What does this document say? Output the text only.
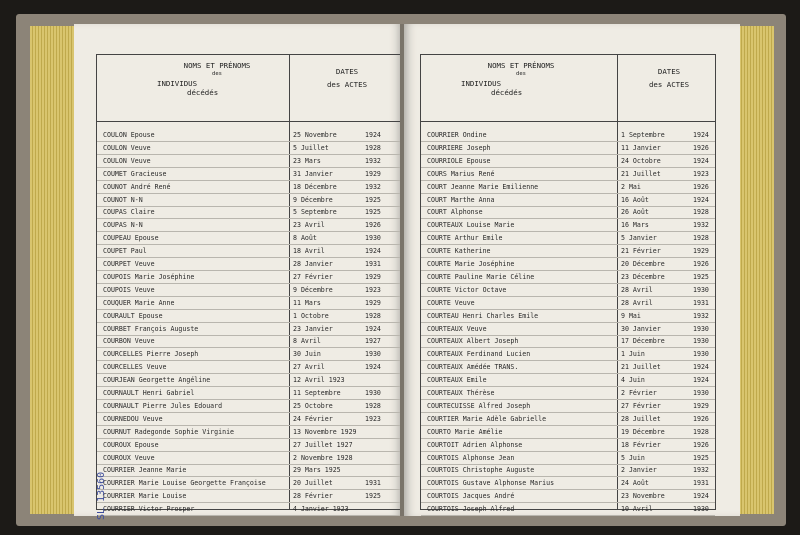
NOMS ET PRÉNOMS
des
INDIVIDUS
décédés
DATES
des ACTES
COULON Epouse	25 Novembre	1924
COULON Veuve	5 Juillet	1928
COULON Veuve	23 Mars	1932
COUMET Gracieuse	31 Janvier	1929
COUNOT André René	18 Décembre	1932
COUNOT N-N	9 Décembre	1925
COUPAS Claire	5 Septembre	1925
COUPAS N-N	23 Avril	1926
COUPEAU Epouse	8 Août	1930
COUPET Paul	18 Avril	1924
COURPET Veuve	28 Janvier	1931
COUPOIS Marie Joséphine	27 Février	1929
COUPOIS Veuve	9 Décembre	1923
COUQUER Marie Anne	11 Mars	1929
COURAULT Epouse	1 Octobre	1928
COURBET François Auguste	23 Janvier	1924
COURBON Veuve	8 Avril	1927
COURCELLES Pierre Joseph	30 Juin	1930
COURCELLES Veuve	27 Avril	1924
COURJEAN Georgette Angéline	12 Avril 1923
COURNAULT Henri Gabriel	11 Septembre	1930
COURNAULT Pierre Jules Edouard	25 Octobre	1928
COURNEDOU Veuve	24 Février	1923
COURNUT Radegonde Sophie Virginie	13 Novembre 1929
COUROUX Epouse	27 Juillet 1927
COUROUX Veuve	2 Novembre 1928
COURRIER Jeanne Marie	29 Mars 1925
COURRIER Marie Louise Georgette Françoise	20 Juillet	1931
COURRIER Marie Louise	28 Février	1925
COURRIER Victor Prosper	4 Janvier 1923
NOMS ET PRÉNOMS
des
INDIVIDUS
décédés
DATES
des ACTES
COURRIER Ondine	1 Septembre	1924
COURRIERE Joseph	11 Janvier	1926
COURRIOLE Epouse	24 Octobre	1924
COURS Marius René	21 Juillet	1923
COURT Jeanne Marie Emilienne	2 Mai	1926
COURT Marthe Anna	16 Août	1924
COURT Alphonse	26 Août	1928
COURTEAUX Louise Marie	16 Mars	1932
COURTE Arthur Emile	5 Janvier	1928
COURTE Katherine	21 Février	1929
COURTE Marie Joséphine	20 Décembre	1926
COURTE Pauline Marie Céline	23 Décembre	1925
COURTE Victor Octave	28 Avril	1930
COURTE Veuve	28 Avril	1931
COURTEAU Henri Charles Emile	9 Mai	1932
COURTEAUX Veuve	30 Janvier	1930
COURTEAUX Albert Joseph	17 Décembre	1930
COURTEAUX Ferdinand Lucien	1 Juin	1930
COURTEAUX Amédée TRANS.	21 Juillet	1924
COURTEAUX Emile	4 Juin	1924
COURTEAUX Thérèse	2 Février	1930
COURTECUISSE Alfred Joseph	27 Février	1929
COURTIER Marie Adèle Gabrielle	28 Juillet	1926
COURTO Marie Amélie	19 Décembre	1928
COURTOIT Adrien Alphonse	18 Février	1926
COURTOIS Alphonse Jean	5 Juin	1925
COURTOIS Christophe Auguste	2 Janvier	1932
COURTOIS Gustave Alphonse Marius	24 Août	1931
COURTOIS Jacques André	23 Novembre	1924
COURTOIS Joseph Alfred	10 Avril	1930
SL 13560
